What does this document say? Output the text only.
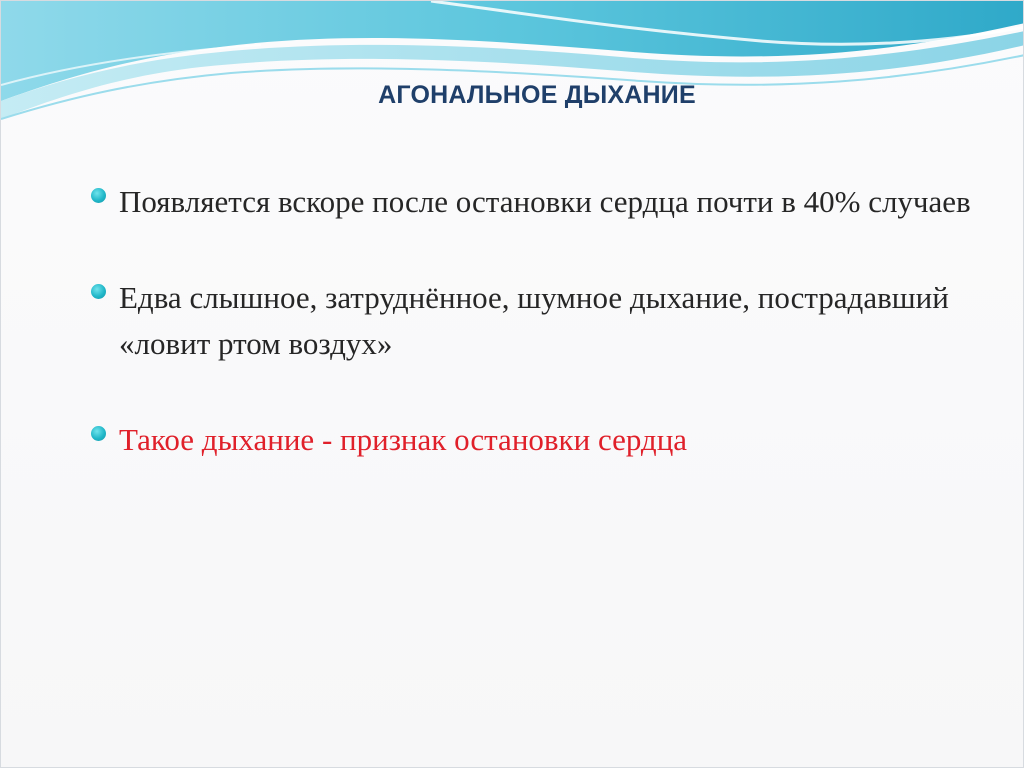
АГОНАЛЬНОЕ ДЫХАНИЕ
Появляется вскоре после остановки сердца почти в 40% случаев
Едва слышное, затруднённое, шумное дыхание, пострадавший «ловит ртом воздух»
Такое дыхание - признак остановки сердца
